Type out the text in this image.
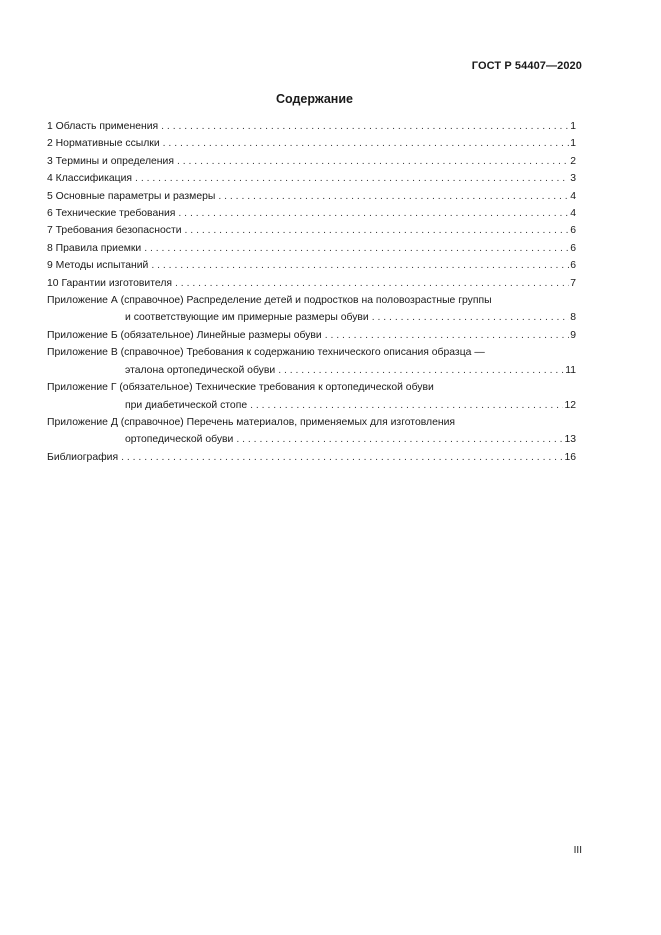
ГОСТ Р 54407—2020
Содержание
1 Область применения . . .	1
2 Нормативные ссылки . . .	1
3 Термины и определения . . .	2
4 Классификация . . .	3
5 Основные параметры и размеры . . .	4
6 Технические требования . . .	4
7 Требования безопасности . . .	6
8 Правила приемки . . .	6
9 Методы испытаний . . .	6
10 Гарантии изготовителя . . .	7
Приложение А (справочное) Распределение детей и подростков на половозрастные группы
и соответствующие им примерные размеры обуви . . .	8
Приложение Б (обязательное) Линейные размеры обуви . . .	9
Приложение В (справочное) Требования к содержанию технического описания образца —
эталона ортопедической обуви . . .	11
Приложение Г (обязательное) Технические требования к ортопедической обуви
при диабетической стопе . . .	12
Приложение Д (справочное) Перечень материалов, применяемых для изготовления
ортопедической обуви . . .	13
Библиография . . .	16
III
